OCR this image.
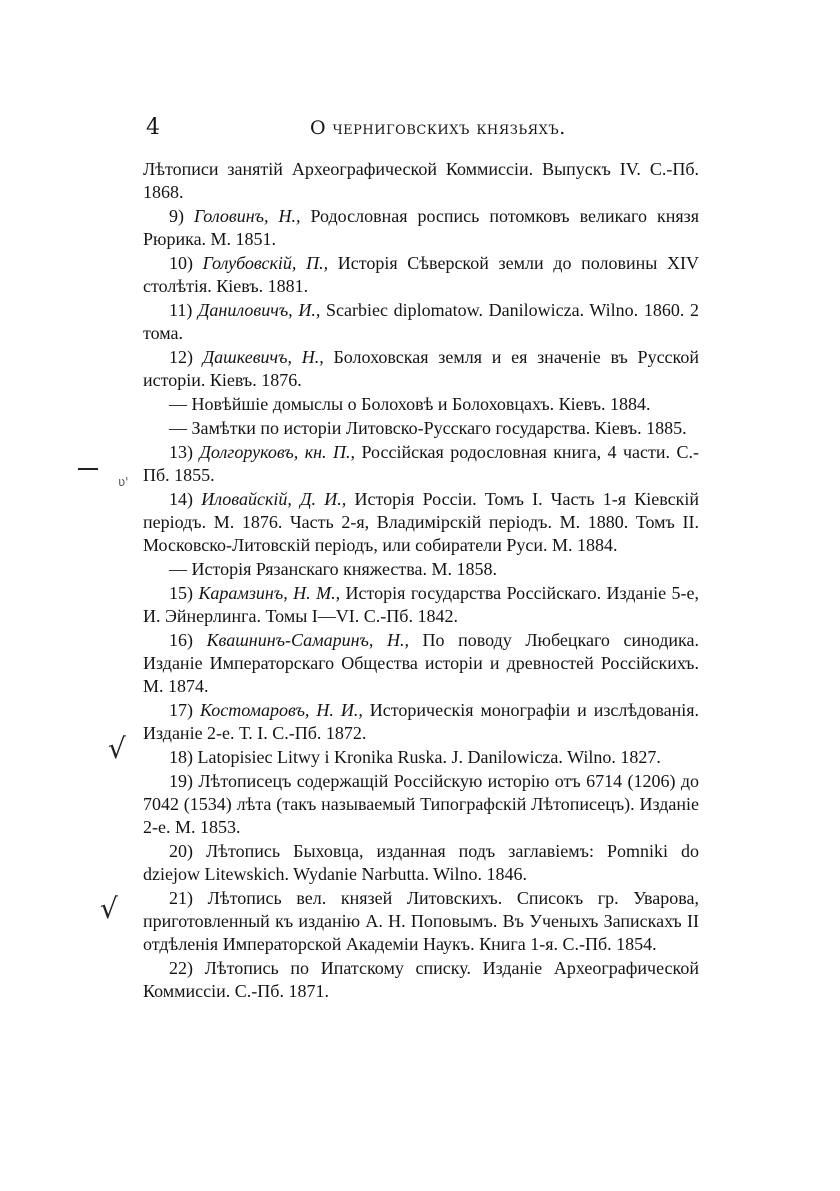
4	О черниговскихъ князьяхъ.
Лѣтописи занятій Археографической Коммиссіи. Выпускъ IV. С.-Пб. 1868.
9) Головинъ, Н., Родословная роспись потомковъ великаго князя Рюрика. М. 1851.
10) Голубовскій, П., Исторія Сѣверской земли до половины XIV столѣтія. Кіевъ. 1881.
11) Даниловичъ, И., Scarbiec diplomatow. Danilowicza. Wilno. 1860. 2 тома.
12) Дашкевичъ, Н., Болоховская земля и ея значеніе въ Русской исторіи. Кіевъ. 1876.
— Новѣйшіе домыслы о Болоховѣ и Болоховцахъ. Кіевъ. 1884.
— Замѣтки по исторіи Литовско-Русскаго государства. Кіевъ. 1885.
13) Долгоруковъ, кн. П., Россійская родословная книга, 4 части. С.-Пб. 1855.
14) Иловайскій, Д. И., Исторія Россіи. Томъ I. Часть 1-я Кіевскій періодъ. М. 1876. Часть 2-я, Владимірскій періодъ. М. 1880. Томъ II. Московско-Литовскій періодъ, или собиратели Руси. М. 1884.
— Исторія Рязанскаго княжества. М. 1858.
15) Карамзинъ, Н. М., Исторія государства Россійскаго. Изданіе 5-е, И. Эйнерлинга. Томы I—VI. С.-Пб. 1842.
16) Квашнинъ-Самаринъ, Н., По поводу Любецкаго синодика. Изданіе Императорскаго Общества исторіи и древностей Россійскихъ. М. 1874.
17) Костомаровъ, Н. И., Историческія монографіи и изслѣдованія. Изданіе 2-е. Т. I. С.-Пб. 1872.
18) Latopisiec Litwy i Kronika Ruska. J. Danilowicza. Wilno. 1827.
19) Лѣтописецъ содержащій Россійскую исторію отъ 6714 (1206) до 7042 (1534) лѣта (такъ называемый Типографскій Лѣтописецъ). Изданіе 2-е. М. 1853.
20) Лѣтопись Быховца, изданная подъ заглавіемъ: Pomniki do dziejow Litewskich. Wydanie Narbutta. Wilno. 1846.
21) Лѣтопись вел. князей Литовскихъ. Списокъ гр. Уварова, приготовленный къ изданію А. Н. Поповымъ. Въ Ученыхъ Запискахъ II отдѣленія Императорской Академіи Наукъ. Книга 1-я. С.-Пб. 1854.
22) Лѣтопись по Ипатскому списку. Изданіе Археографической Коммиссіи. С.-Пб. 1871.
ʋ'
√
√
